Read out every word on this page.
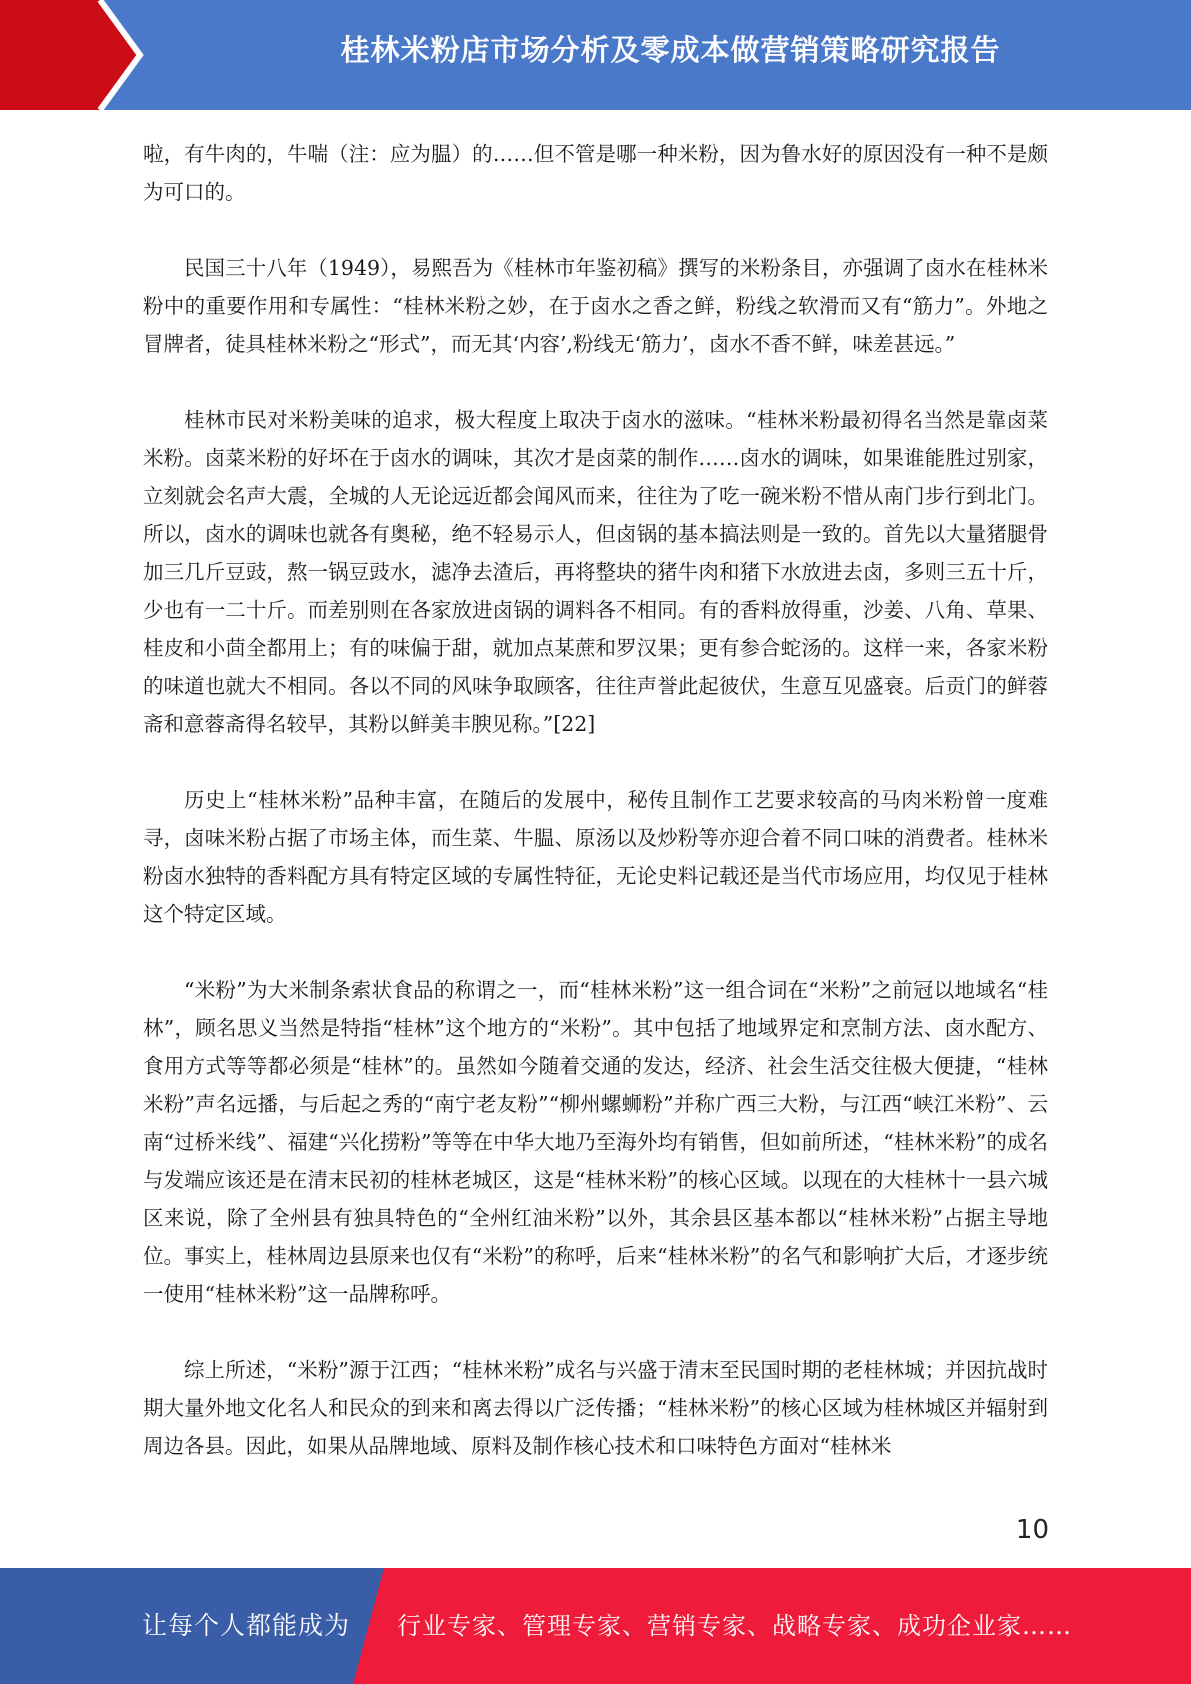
桂林米粉店市场分析及零成本做营销策略研究报告

啦，有牛肉的，牛喘（注：应为腽）的……但不管是哪一种米粉，因为鲁水好的原因没有一种不是颇为可口的。

民国三十八年（1949），易熙吾为《桂林市年鉴初稿》撰写的米粉条目，亦强调了卤水在桂林米粉中的重要作用和专属性：“桂林米粉之妙，在于卤水之香之鲜，粉线之软滑而又有“筋力”。外地之冒牌者，徒具桂林米粉之“形式”，而无其‘内容’,粉线无‘筋力’，卤水不香不鲜，味差甚远。”

桂林市民对米粉美味的追求，极大程度上取决于卤水的滋味。“桂林米粉最初得名当然是靠卤菜米粉。卤菜米粉的好坏在于卤水的调味，其次才是卤菜的制作……卤水的调味，如果谁能胜过别家，立刻就会名声大震，全城的人无论远近都会闻风而来，往往为了吃一碗米粉不惜从南门步行到北门。所以，卤水的调味也就各有奥秘，绝不轻易示人，但卤锅的基本搞法则是一致的。首先以大量猪腿骨加三几斤豆豉，熬一锅豆豉水，滤净去渣后，再将整块的猪牛肉和猪下水放进去卤，多则三五十斤，少也有一二十斤。而差别则在各家放进卤锅的调料各不相同。有的香料放得重，沙姜、八角、草果、桂皮和小茴全都用上；有的味偏于甜，就加点某蔗和罗汉果；更有参合蛇汤的。这样一来，各家米粉的味道也就大不相同。各以不同的风味争取顾客，往往声誉此起彼伏，生意互见盛衰。后贡门的鲜蓉斋和意蓉斋得名较早，其粉以鲜美丰腴见称。”[22]

历史上“桂林米粉”品种丰富，在随后的发展中，秘传且制作工艺要求较高的马肉米粉曾一度难寻，卤味米粉占据了市场主体，而生菜、牛腽、原汤以及炒粉等亦迎合着不同口味的消费者。桂林米粉卤水独特的香料配方具有特定区域的专属性特征，无论史料记载还是当代市场应用，均仅见于桂林这个特定区域。

“米粉”为大米制条索状食品的称谓之一，而“桂林米粉”这一组合词在“米粉”之前冠以地域名“桂林”，顾名思义当然是特指“桂林”这个地方的“米粉”。其中包括了地域界定和烹制方法、卤水配方、食用方式等等都必须是“桂林”的。虽然如今随着交通的发达，经济、社会生活交往极大便捷，“桂林米粉”声名远播，与后起之秀的“南宁老友粉”“柳州螺蛳粉”并称广西三大粉，与江西“峡江米粉”、云南“过桥米线”、福建“兴化捞粉”等等在中华大地乃至海外均有销售，但如前所述，“桂林米粉”的成名与发端应该还是在清末民初的桂林老城区，这是“桂林米粉”的核心区域。以现在的大桂林十一县六城区来说，除了全州县有独具特色的“全州红油米粉”以外，其余县区基本都以“桂林米粉”占据主导地位。事实上，桂林周边县原来也仅有“米粉”的称呼，后来“桂林米粉”的名气和影响扩大后，才逐步统一使用“桂林米粉”这一品牌称呼。

综上所述，“米粉”源于江西；“桂林米粉”成名与兴盛于清末至民国时期的老桂林城；并因抗战时期大量外地文化名人和民众的到来和离去得以广泛传播；“桂林米粉”的核心区域为桂林城区并辐射到周边各县。因此，如果从品牌地域、原料及制作核心技术和口味特色方面对“桂林米

10
让每个人都能成为 行业专家、管理专家、营销专家、战略专家、成功企业家……
